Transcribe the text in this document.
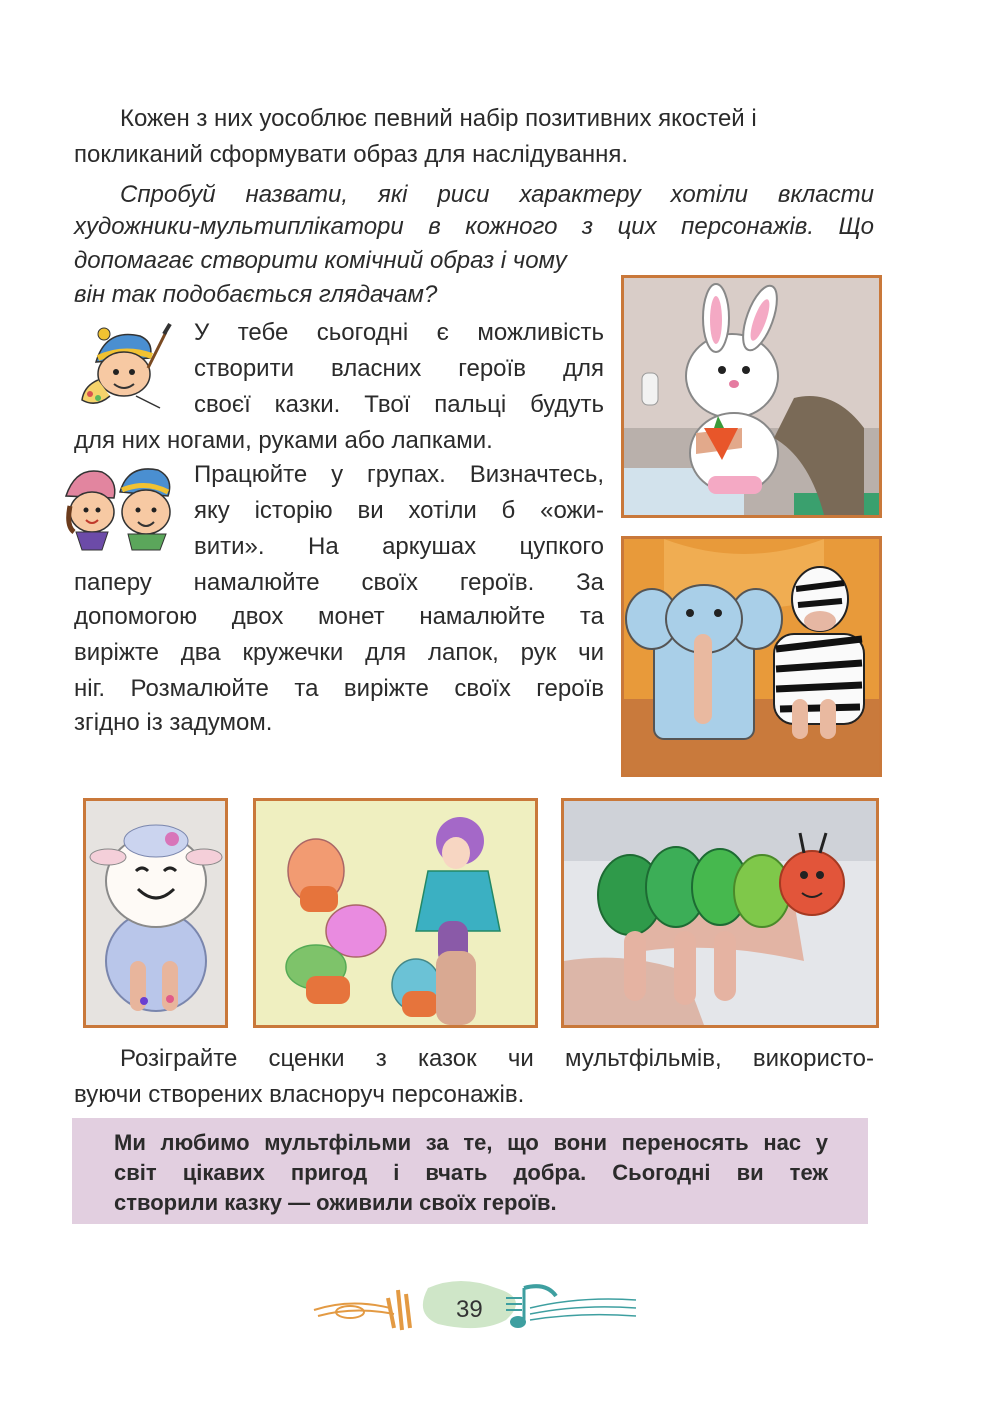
Кожен з них уособлює певний набір позитивних якостей і
покликаний сформувати образ для наслідування.
Спробуй назвати, які риси характеру хотіли вкласти
художники-мультиплікатори в кожного з цих персонажів. Що
допомагає створити комічний образ і чому
він так подобається глядачам?
У тебе сьогодні є можливість
створити власних героїв для
своєї казки. Твої пальці будуть
для них ногами, руками або лапками.
Працюйте у групах. Визначтесь,
яку історію ви хотіли б «ожи-
вити». На аркушах цупкого
паперу намалюйте своїх героїв. За
допомогою двох монет намалюйте та
виріжте два кружечки для лапок, рук чи
ніг. Розмалюйте та виріжте своїх героїв
згідно із задумом.
Розіграйте сценки з казок чи мультфільмів, використо-
вуючи створених власноруч персонажів.
Ми любимо мультфільми за те, що вони переносять нас у
світ цікавих пригод і вчать добра. Сьогодні ви теж
створили казку — оживили своїх героїв.
39
